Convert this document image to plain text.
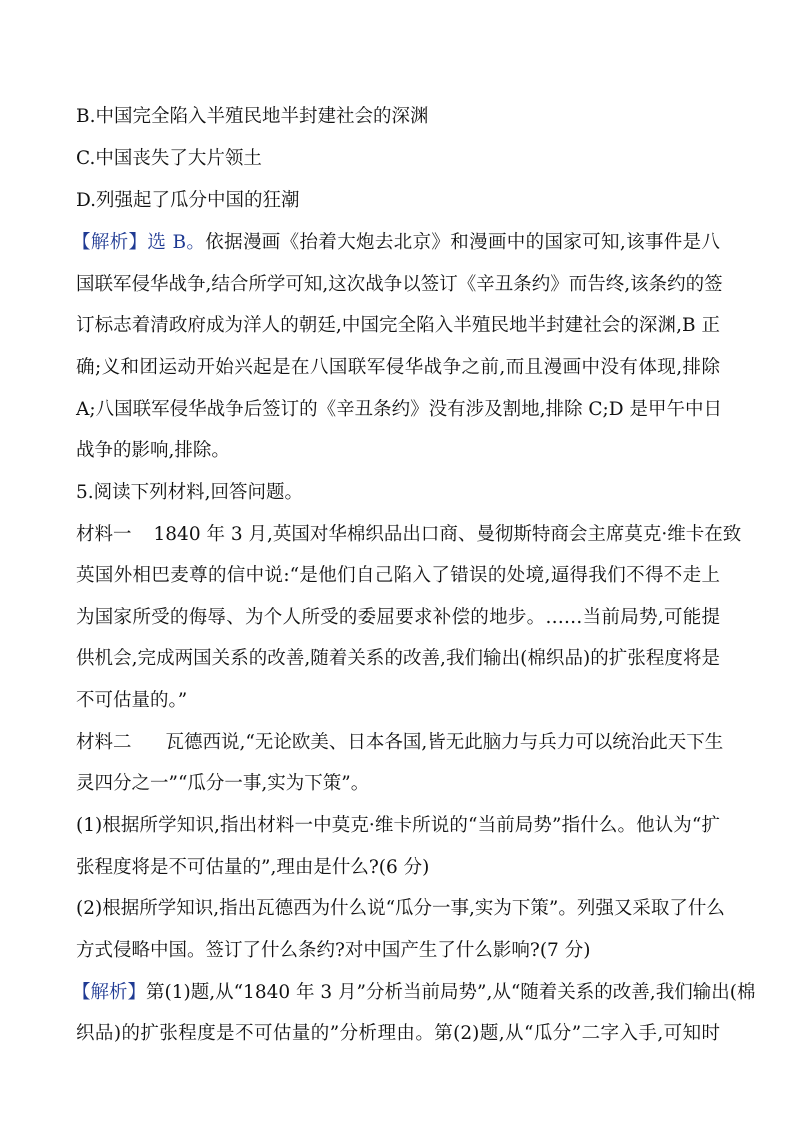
B.中国完全陷入半殖民地半封建社会的深渊
C.中国丧失了大片领土
D.列强起了瓜分中国的狂潮
【解析】选 B。依据漫画《抬着大炮去北京》和漫画中的国家可知,该事件是八
国联军侵华战争,结合所学可知,这次战争以签订《辛丑条约》而告终,该条约的签
订标志着清政府成为洋人的朝廷,中国完全陷入半殖民地半封建社会的深渊,B 正
确;义和团运动开始兴起是在八国联军侵华战争之前,而且漫画中没有体现,排除
A;八国联军侵华战争后签订的《辛丑条约》没有涉及割地,排除 C;D 是甲午中日
战争的影响,排除。
5.阅读下列材料,回答问题。
材料一 1840 年 3 月,英国对华棉织品出口商、曼彻斯特商会主席莫克·维卡在致
英国外相巴麦尊的信中说:“是他们自己陷入了错误的处境,逼得我们不得不走上
为国家所受的侮辱、为个人所受的委屈要求补偿的地步。……当前局势,可能提
供机会,完成两国关系的改善,随着关系的改善,我们输出(棉织品)的扩张程度将是
不可估量的。”
材料二 瓦德西说,“无论欧美、日本各国,皆无此脑力与兵力可以统治此天下生
灵四分之一”“瓜分一事,实为下策”。
(1)根据所学知识,指出材料一中莫克·维卡所说的“当前局势”指什么。他认为“扩
张程度将是不可估量的”,理由是什么?(6 分)
(2)根据所学知识,指出瓦德西为什么说“瓜分一事,实为下策”。列强又采取了什么
方式侵略中国。签订了什么条约?对中国产生了什么影响?(7 分)
【解析】第(1)题,从“1840 年 3 月”分析当前局势”,从“随着关系的改善,我们输出(棉
织品)的扩张程度是不可估量的”分析理由。第(2)题,从“瓜分”二字入手,可知时
